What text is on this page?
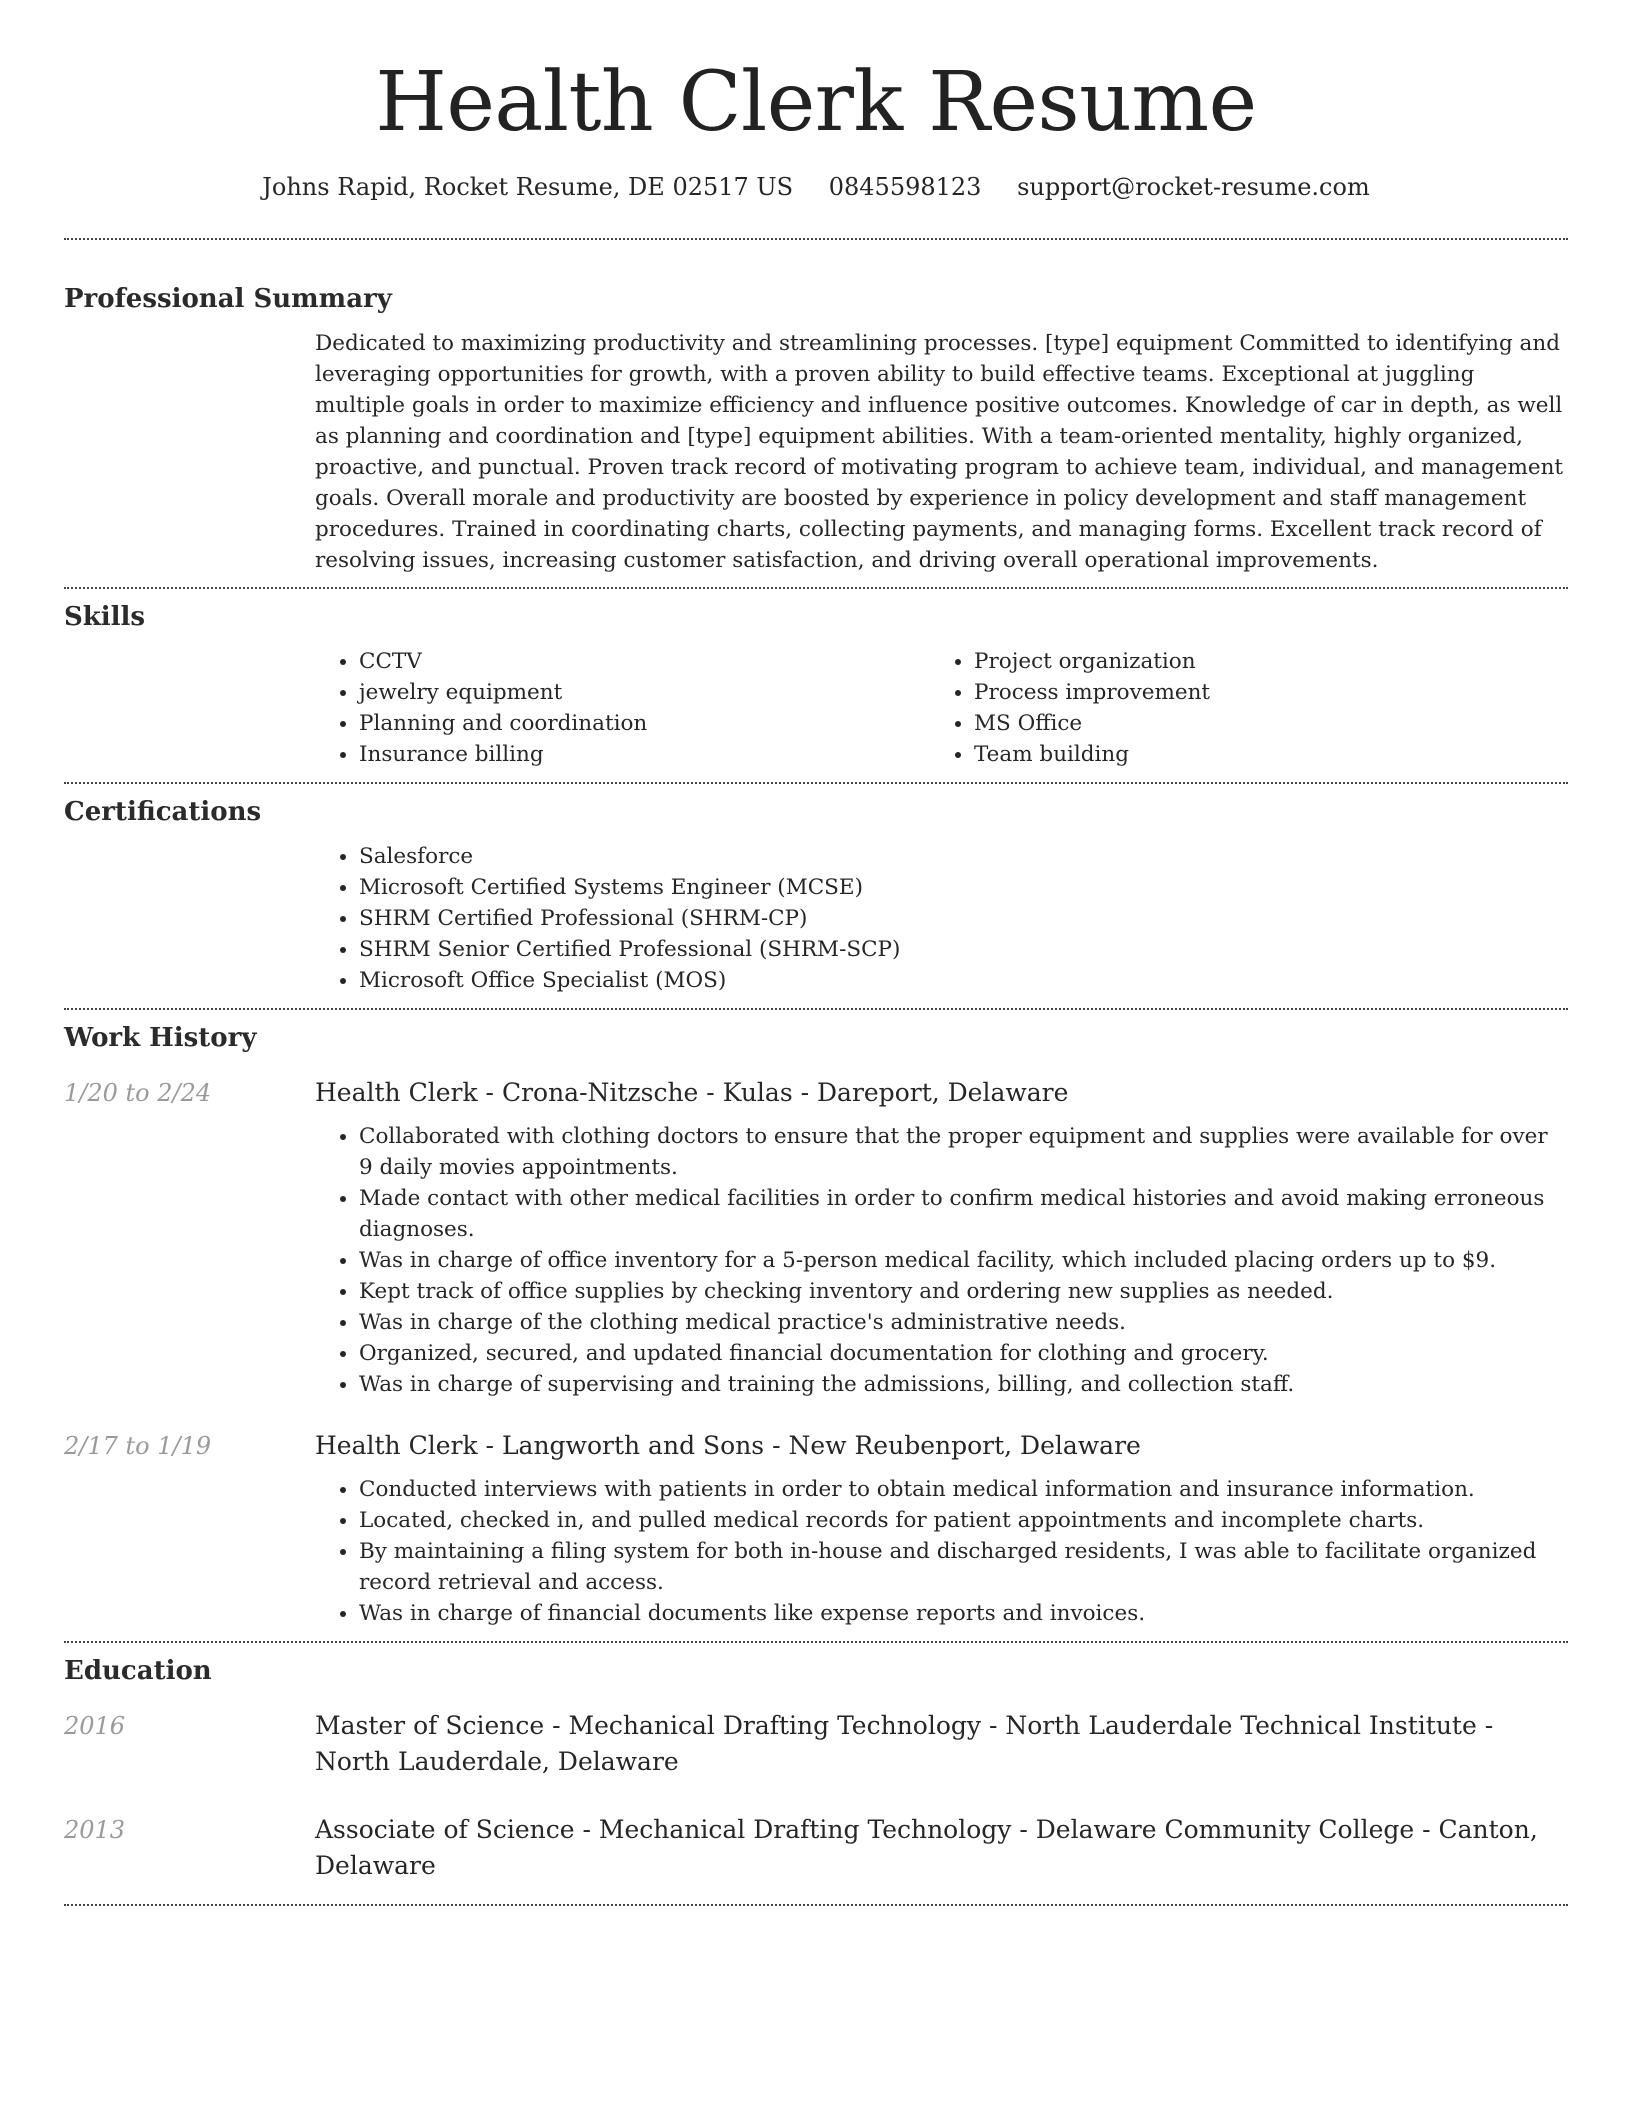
Health Clerk Resume
Johns Rapid, Rocket Resume, DE 02517 US 0845598123 support@rocket-resume.com
Professional Summary
Dedicated to maximizing productivity and streamlining processes. [type] equipment Committed to identifying and leveraging opportunities for growth, with a proven ability to build effective teams. Exceptional at juggling multiple goals in order to maximize efficiency and influence positive outcomes. Knowledge of car in depth, as well as planning and coordination and [type] equipment abilities. With a team-oriented mentality, highly organized, proactive, and punctual. Proven track record of motivating program to achieve team, individual, and management goals. Overall morale and productivity are boosted by experience in policy development and staff management procedures. Trained in coordinating charts, collecting payments, and managing forms. Excellent track record of resolving issues, increasing customer satisfaction, and driving overall operational improvements.
Skills
• CCTV
• jewelry equipment
• Planning and coordination
• Insurance billing
• Project organization
• Process improvement
• MS Office
• Team building
Certifications
• Salesforce
• Microsoft Certified Systems Engineer (MCSE)
• SHRM Certified Professional (SHRM-CP)
• SHRM Senior Certified Professional (SHRM-SCP)
• Microsoft Office Specialist (MOS)
Work History
1/20 to 2/24	Health Clerk - Crona-Nitzsche - Kulas - Dareport, Delaware
• Collaborated with clothing doctors to ensure that the proper equipment and supplies were available for over 9 daily movies appointments.
• Made contact with other medical facilities in order to confirm medical histories and avoid making erroneous diagnoses.
• Was in charge of office inventory for a 5-person medical facility, which included placing orders up to $9.
• Kept track of office supplies by checking inventory and ordering new supplies as needed.
• Was in charge of the clothing medical practice's administrative needs.
• Organized, secured, and updated financial documentation for clothing and grocery.
• Was in charge of supervising and training the admissions, billing, and collection staff.
2/17 to 1/19	Health Clerk - Langworth and Sons - New Reubenport, Delaware
• Conducted interviews with patients in order to obtain medical information and insurance information.
• Located, checked in, and pulled medical records for patient appointments and incomplete charts.
• By maintaining a filing system for both in-house and discharged residents, I was able to facilitate organized record retrieval and access.
• Was in charge of financial documents like expense reports and invoices.
Education
2016	Master of Science - Mechanical Drafting Technology - North Lauderdale Technical Institute - North Lauderdale, Delaware
2013	Associate of Science - Mechanical Drafting Technology - Delaware Community College - Canton, Delaware
